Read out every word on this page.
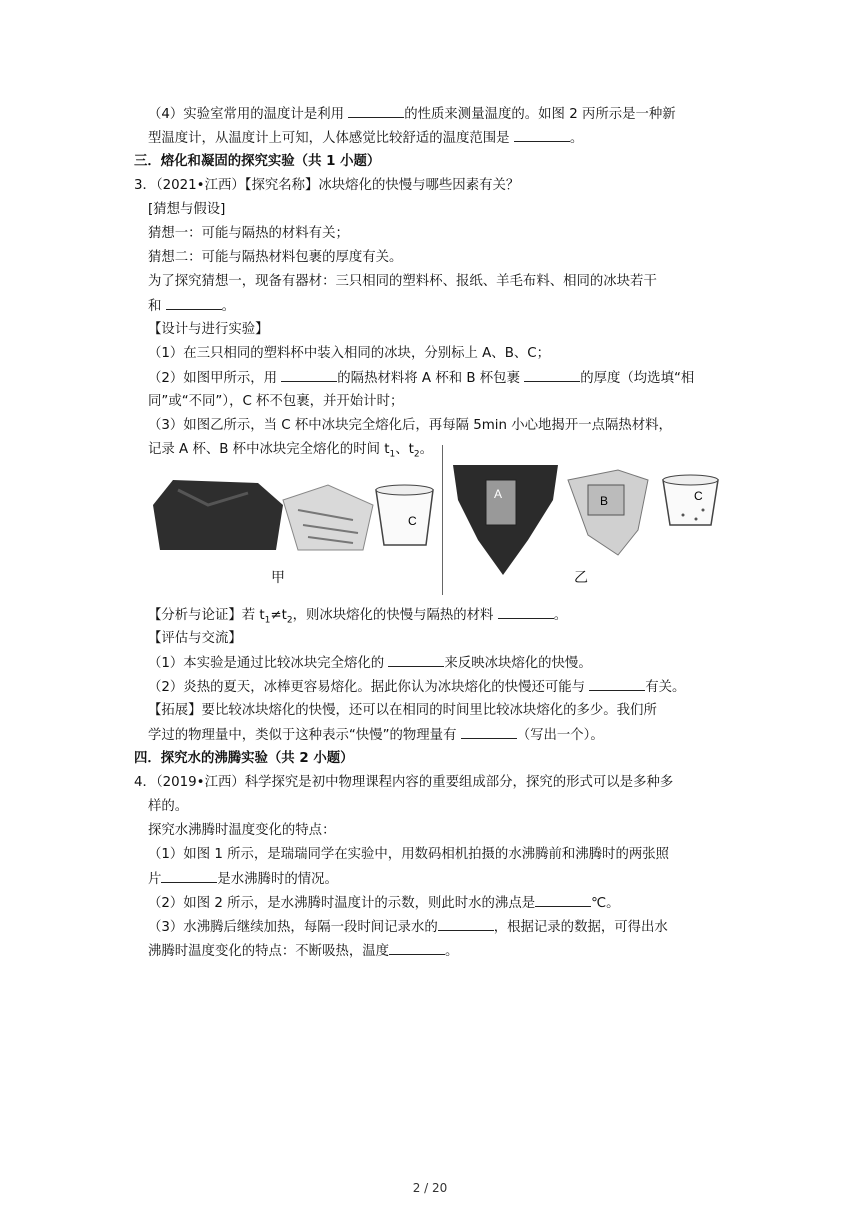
（4）实验室常用的温度计是利用	的性质来测量温度的。如图 2 丙所示是一种新
型温度计，从温度计上可知，人体感觉比较舒适的温度范围是	。
三．熔化和凝固的探究实验（共 1 小题）
3．（2021•江西）【探究名称】冰块熔化的快慢与哪些因素有关？
[猜想与假设]
猜想一：可能与隔热的材料有关；
猜想二：可能与隔热材料包裹的厚度有关。
为了探究猜想一，现备有器材：三只相同的塑料杯、报纸、羊毛布料、相同的冰块若干
和	。
【设计与进行实验】
（1）在三只相同的塑料杯中装入相同的冰块，分别标上 A、B、C；
（2）如图甲所示，用	的隔热材料将 A 杯和 B 杯包裹	的厚度（均选填“相
同”或“不同”），C 杯不包裹，并开始计时；
（3）如图乙所示，当 C 杯中冰块完全熔化后，再每隔 5min 小心地揭开一点隔热材料，
记录 A 杯、B 杯中冰块完全熔化的时间 $t_1$、$t_2$。
C
A	B	C
甲	乙
【分析与论证】若 $t_1\ne t_2$，则冰块熔化的快慢与隔热的材料	。
【评估与交流】
（1）本实验是通过比较冰块完全熔化的	来反映冰块熔化的快慢。
（2）炎热的夏天，冰棒更容易熔化。据此你认为冰块熔化的快慢还可能与	有关。
【拓展】要比较冰块熔化的快慢，还可以在相同的时间里比较冰块熔化的多少。我们所
学过的物理量中，类似于这种表示“快慢”的物理量有	（写出一个）。
四．探究水的沸腾实验（共 2 小题）
4．（2019•江西）科学探究是初中物理课程内容的重要组成部分，探究的形式可以是多种多
样的。
探究水沸腾时温度变化的特点：
（1）如图 1 所示，是瑞瑞同学在实验中，用数码相机拍摄的水沸腾前和沸腾时的两张照
片	是水沸腾时的情况。
（2）如图 2 所示，是水沸腾时温度计的示数，则此时水的沸点是	℃。
（3）水沸腾后继续加热，每隔一段时间记录水的	，根据记录的数据，可得出水
沸腾时温度变化的特点：不断吸热，温度	。
2 / 20
